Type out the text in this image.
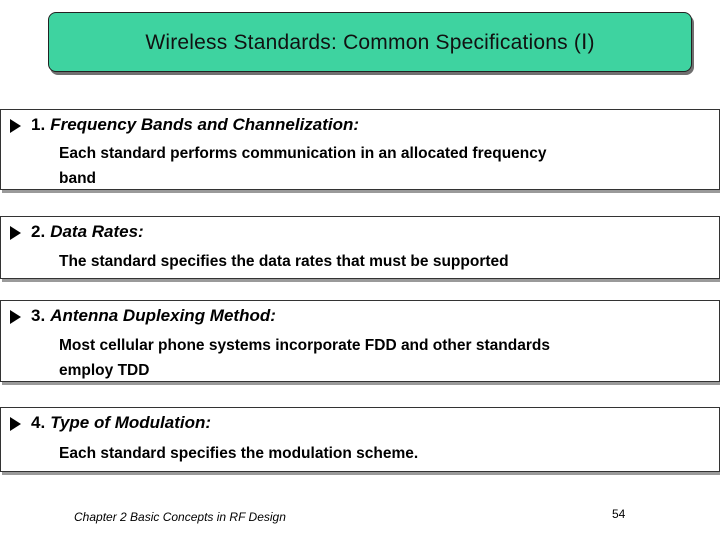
Wireless Standards: Common Specifications (Ⅰ)
1. Frequency Bands and Channelization:
Each standard performs communication in an allocated frequency
band
2. Data Rates:
The standard specifies the data rates that must be supported
3. Antenna Duplexing Method:
Most cellular phone systems incorporate FDD and other standards
employ TDD
4. Type of Modulation:
Each standard specifies the modulation scheme.
Chapter 2 Basic Concepts in RF Design	54
